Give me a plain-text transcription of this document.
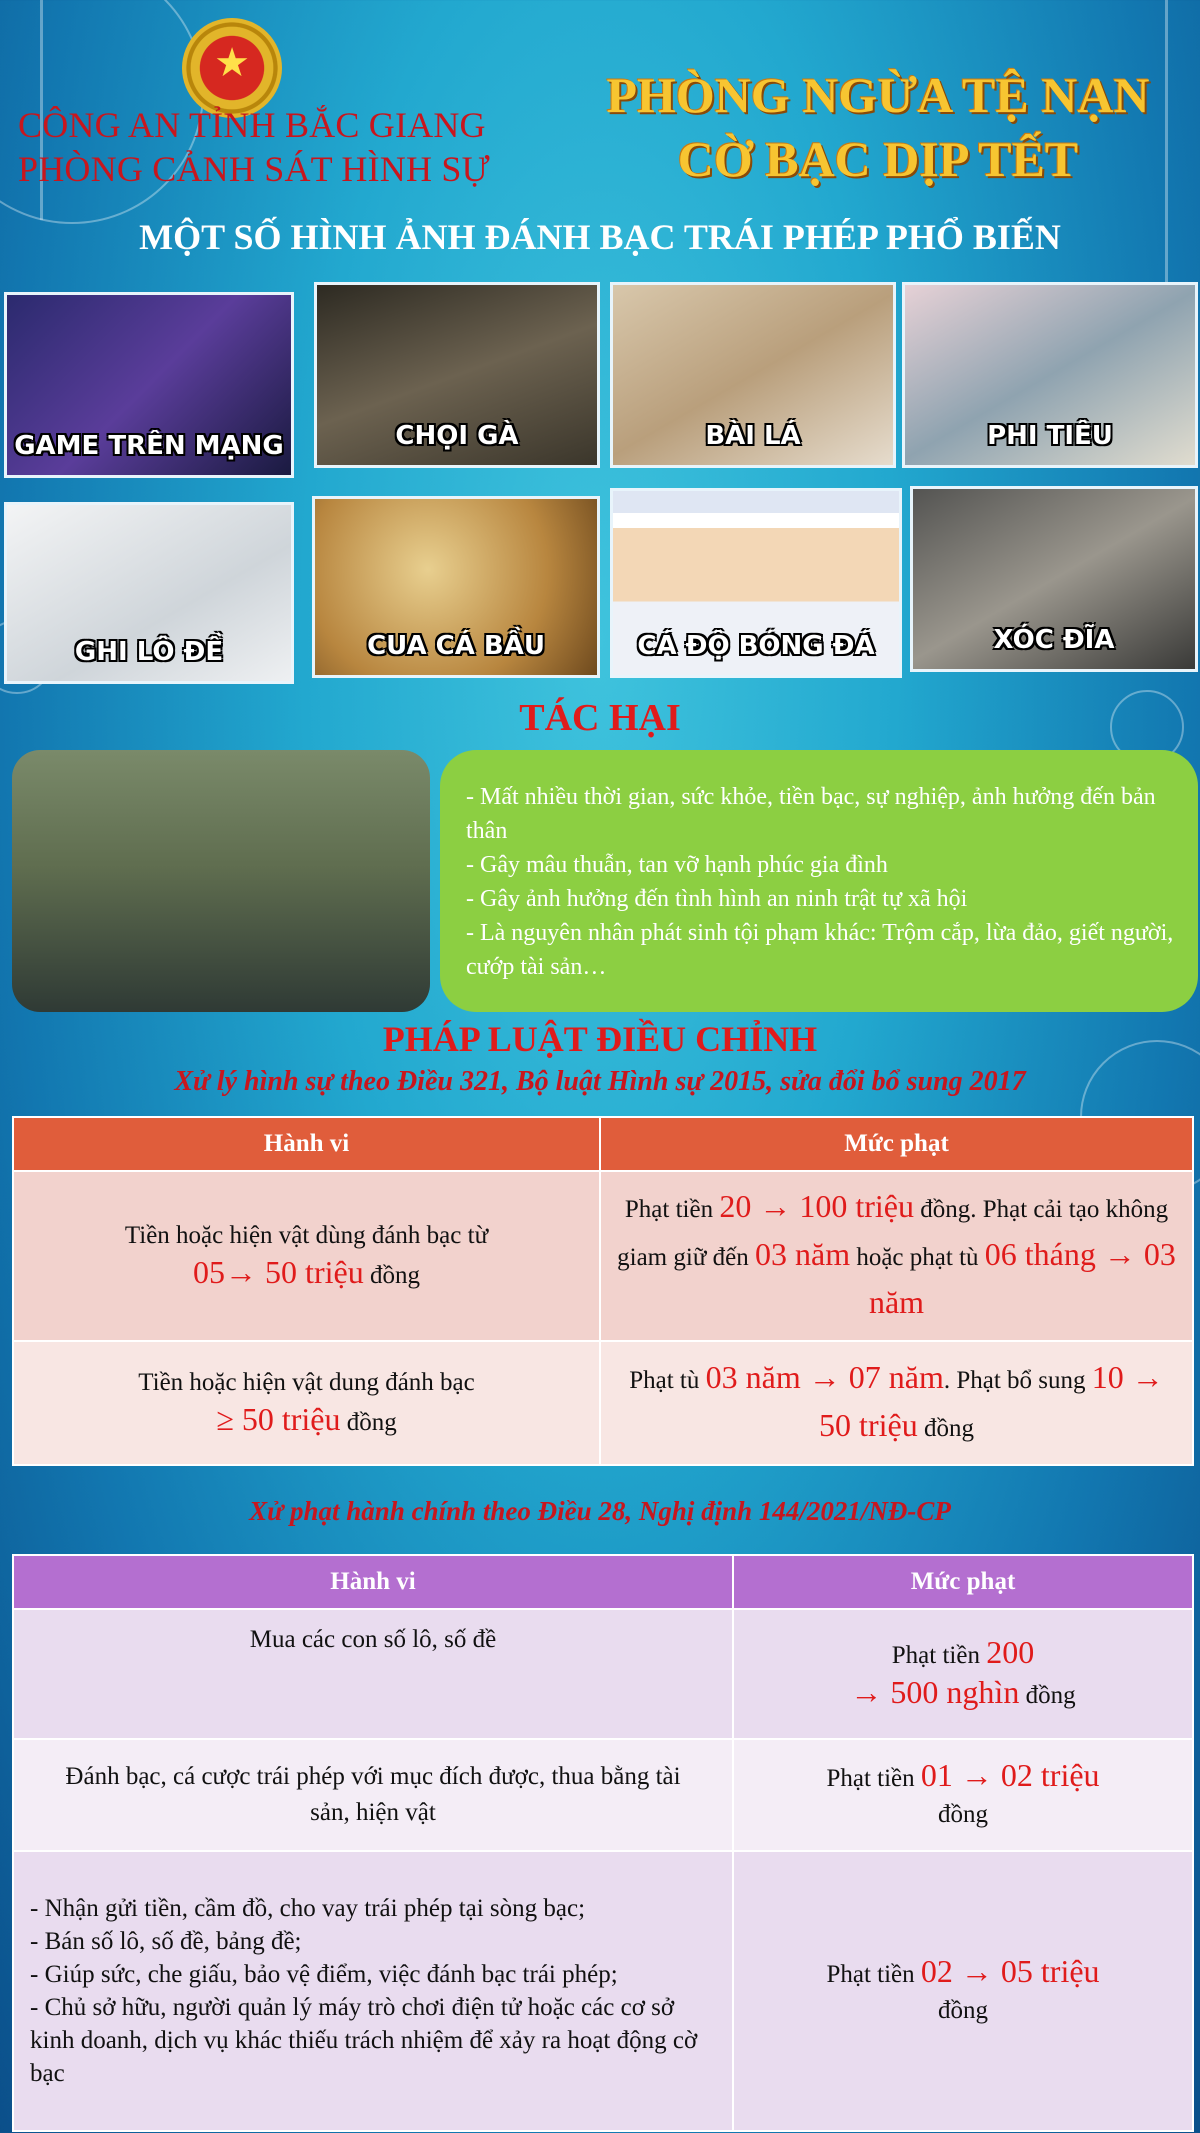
★
CÔNG AN TỈNH BẮC GIANG
PHÒNG CẢNH SÁT HÌNH SỰ
PHÒNG NGỪA TỆ NẠN
CỜ BẠC DỊP TẾT
MỘT SỐ HÌNH ẢNH ĐÁNH BẠC TRÁI PHÉP PHỔ BIẾN
GAME TRÊN MẠNG	CHỌI GÀ	BÀI LÁ	PHI TIÊU
GHI LÔ ĐỀ	CUA CÁ BẦU	CÁ ĐỘ BÓNG ĐÁ	XÓC ĐĨA
TÁC HẠI

- Mất nhiều thời gian, sức khỏe, tiền bạc, sự nghiệp, ảnh hưởng đến bản thân

- Gây mâu thuẫn, tan vỡ hạnh phúc gia đình

- Gây ảnh hưởng đến tình hình an ninh trật tự xã hội

- Là nguyên nhân phát sinh tội phạm khác: Trộm cắp, lừa đảo, giết người, cướp tài sản…

PHÁP LUẬT ĐIỀU CHỈNH
Xử lý hình sự theo Điều 321, Bộ luật Hình sự 2015, sửa đổi bổ sung 2017
Hành vi	Mức phạt
Tiền hoặc hiện vật dùng đánh bạc từ
05→ 50 triệu đồng	Phạt tiền 20 → 100 triệu đồng. Phạt cải tạo không giam giữ đến 03 năm hoặc phạt tù 06 tháng → 03 năm
Tiền hoặc hiện vật dung đánh bạc
≥ 50 triệu đồng	Phạt tù 03 năm → 07 năm. Phạt bổ sung 10 → 50 triệu đồng
Xử phạt hành chính theo Điều 28, Nghị định 144/2021/NĐ-CP
Hành vi	Mức phạt
Mua các con số lô, số đề	Phạt tiền 200
→ 500 nghìn đồng
Đánh bạc, cá cược trái phép với mục đích được, thua bằng tài sản, hiện vật	Phạt tiền 01 → 02 triệu
đồng
- Nhận gửi tiền, cầm đồ, cho vay trái phép tại sòng bạc;
- Bán số lô, số đề, bảng đề;
- Giúp sức, che giấu, bảo vệ điểm, việc đánh bạc trái phép;
- Chủ sở hữu, người quản lý máy trò chơi điện tử hoặc các cơ sở kinh doanh, dịch vụ khác thiếu trách nhiệm để xảy ra hoạt động cờ bạc	Phạt tiền 02 → 05 triệu
đồng
